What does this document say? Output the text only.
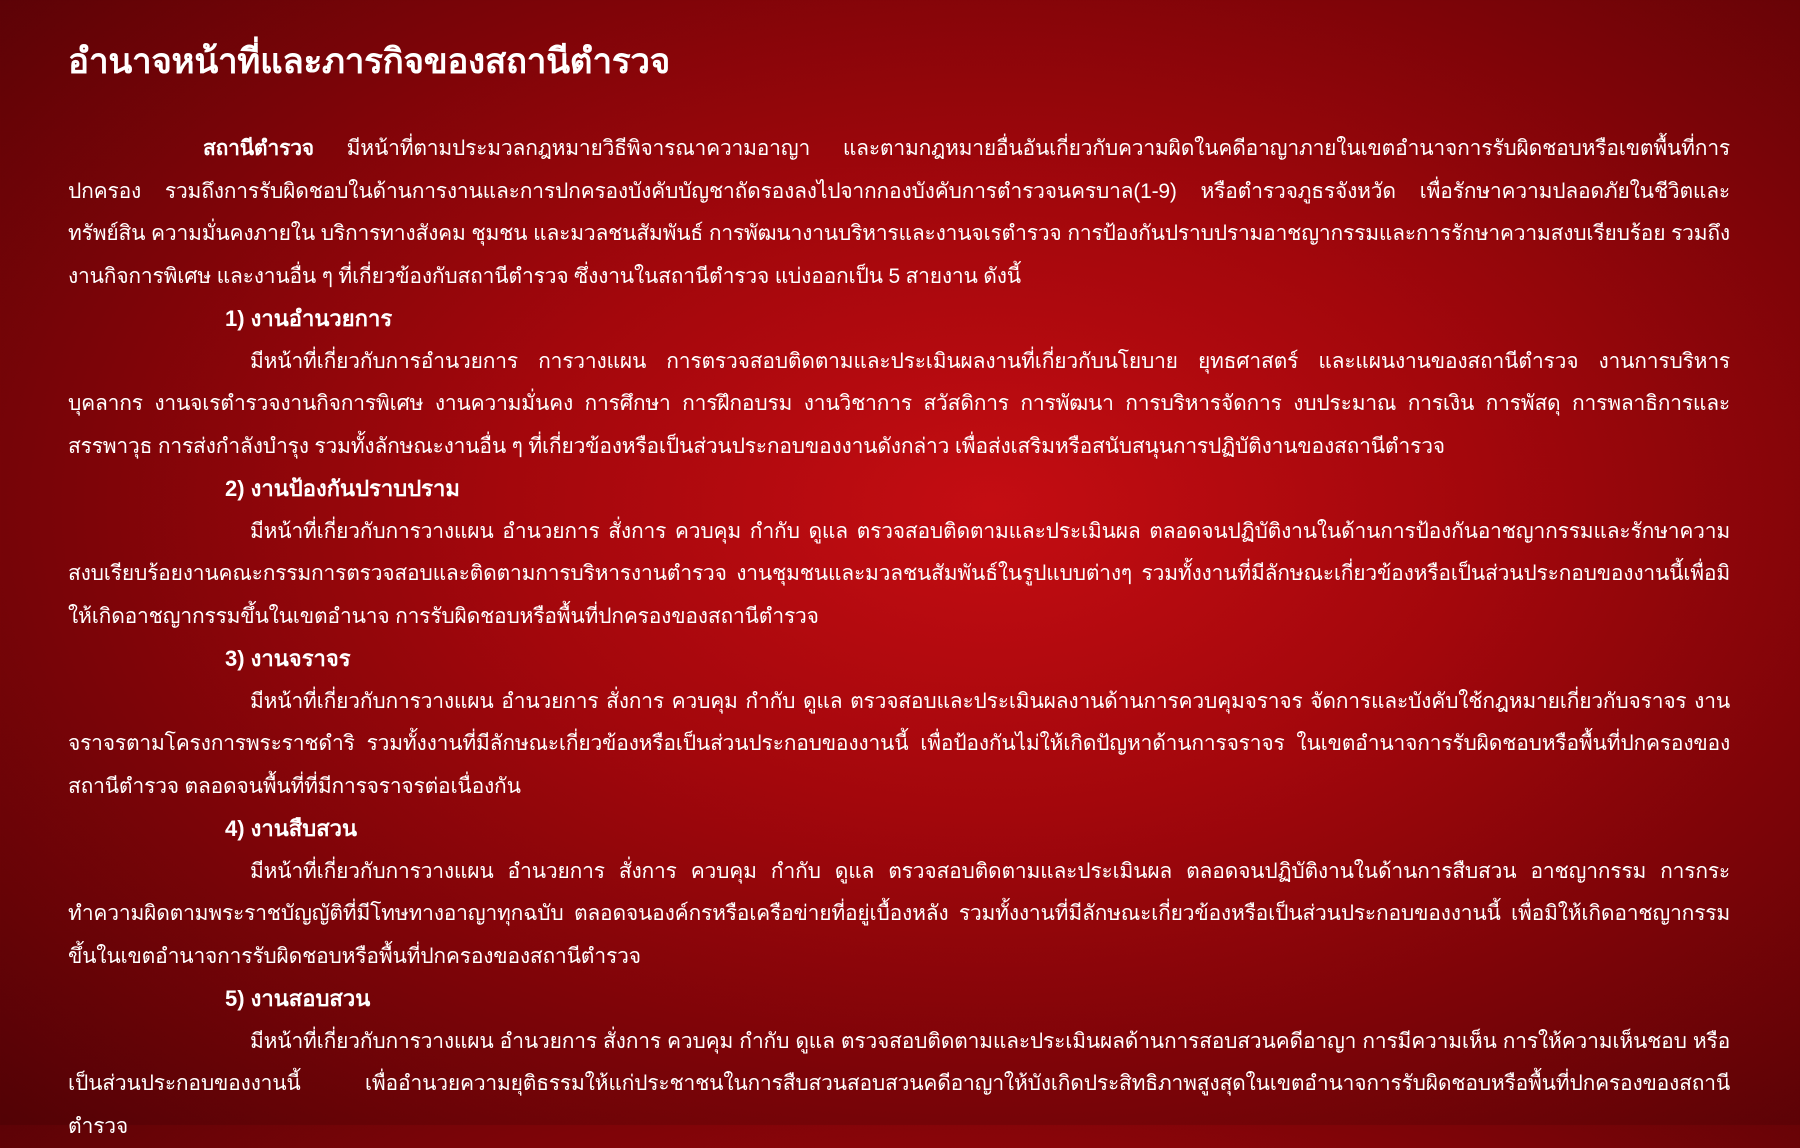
อำนาจหน้าที่และภารกิจของสถานีตำรวจ

สถานีตำรวจ มีหน้าที่ตามประมวลกฎหมายวิธีพิจารณาความอาญา และตามกฎหมายอื่นอันเกี่ยวกับความผิดในคดีอาญาภายในเขตอำนาจการรับผิดชอบหรือเขตพื้นที่การปกครอง รวมถึงการรับผิดชอบในด้านการงานและการปกครองบังคับบัญชาถัดรองลงไปจากกองบังคับการตำรวจนครบาล(1-9) หรือตำรวจภูธรจังหวัด เพื่อรักษาความปลอดภัยในชีวิตและทรัพย์สิน ความมั่นคงภายใน บริการทางสังคม ชุมชน และมวลชนสัมพันธ์ การพัฒนางานบริหารและงานจเรตำรวจ การป้องกันปราบปรามอาชญากรรมและการรักษาความสงบเรียบร้อย รวมถึงงานกิจการพิเศษ และงานอื่น ๆ ที่เกี่ยวข้องกับสถานีตำรวจ ซึ่งงานในสถานีตำรวจ แบ่งออกเป็น 5 สายงาน ดังนี้

1) งานอำนวยการ

มีหน้าที่เกี่ยวกับการอำนวยการ การวางแผน การตรวจสอบติดตามและประเมินผลงานที่เกี่ยวกับนโยบาย ยุทธศาสตร์ และแผนงานของสถานีตำรวจ งานการบริหารบุคลากร งานจเรตำรวจงานกิจการพิเศษ งานความมั่นคง การศึกษา การฝึกอบรม งานวิชาการ สวัสดิการ การพัฒนา การบริหารจัดการ งบประมาณ การเงิน การพัสดุ การพลาธิการและสรรพาวุธ การส่งกำลังบำรุง รวมทั้งลักษณะงานอื่น ๆ ที่เกี่ยวข้องหรือเป็นส่วนประกอบของงานดังกล่าว เพื่อส่งเสริมหรือสนับสนุนการปฏิบัติงานของสถานีตำรวจ

2) งานป้องกันปราบปราม

มีหน้าที่เกี่ยวกับการวางแผน อำนวยการ สั่งการ ควบคุม กำกับ ดูแล ตรวจสอบติดตามและประเมินผล ตลอดจนปฏิบัติงานในด้านการป้องกันอาชญากรรมและรักษาความสงบเรียบร้อยงานคณะกรรมการตรวจสอบและติดตามการบริหารงานตำรวจ งานชุมชนและมวลชนสัมพันธ์ในรูปแบบต่างๆ รวมทั้งงานที่มีลักษณะเกี่ยวข้องหรือเป็นส่วนประกอบของงานนี้เพื่อมิให้เกิดอาชญากรรมขึ้นในเขตอำนาจ การรับผิดชอบหรือพื้นที่ปกครองของสถานีตำรวจ

3) งานจราจร

มีหน้าที่เกี่ยวกับการวางแผน อำนวยการ สั่งการ ควบคุม กำกับ ดูแล ตรวจสอบและประเมินผลงานด้านการควบคุมจราจร จัดการและบังคับใช้กฎหมายเกี่ยวกับจราจร งานจราจรตามโครงการพระราชดำริ รวมทั้งงานที่มีลักษณะเกี่ยวข้องหรือเป็นส่วนประกอบของงานนี้ เพื่อป้องกันไม่ให้เกิดปัญหาด้านการจราจร ในเขตอำนาจการรับผิดชอบหรือพื้นที่ปกครองของสถานีตำรวจ ตลอดจนพื้นที่ที่มีการจราจรต่อเนื่องกัน

4) งานสืบสวน

มีหน้าที่เกี่ยวกับการวางแผน อำนวยการ สั่งการ ควบคุม กำกับ ดูแล ตรวจสอบติดตามและประเมินผล ตลอดจนปฏิบัติงานในด้านการสืบสวน อาชญากรรม การกระทำความผิดตามพระราชบัญญัติที่มีโทษทางอาญาทุกฉบับ ตลอดจนองค์กรหรือเครือข่ายที่อยู่เบื้องหลัง รวมทั้งงานที่มีลักษณะเกี่ยวข้องหรือเป็นส่วนประกอบของงานนี้ เพื่อมิให้เกิดอาชญากรรมขึ้นในเขตอำนาจการรับผิดชอบหรือพื้นที่ปกครองของสถานีตำรวจ

5) งานสอบสวน

มีหน้าที่เกี่ยวกับการวางแผน อำนวยการ สั่งการ ควบคุม กำกับ ดูแล ตรวจสอบติดตามและประเมินผลด้านการสอบสวนคดีอาญา การมีความเห็น การให้ความเห็นชอบ หรือเป็นส่วนประกอบของงานนี้ เพื่ออำนวยความยุติธรรมให้แก่ประชาชนในการสืบสวนสอบสวนคดีอาญาให้บังเกิดประสิทธิภาพสูงสุดในเขตอำนาจการรับผิดชอบหรือพื้นที่ปกครองของสถานีตำรวจ
